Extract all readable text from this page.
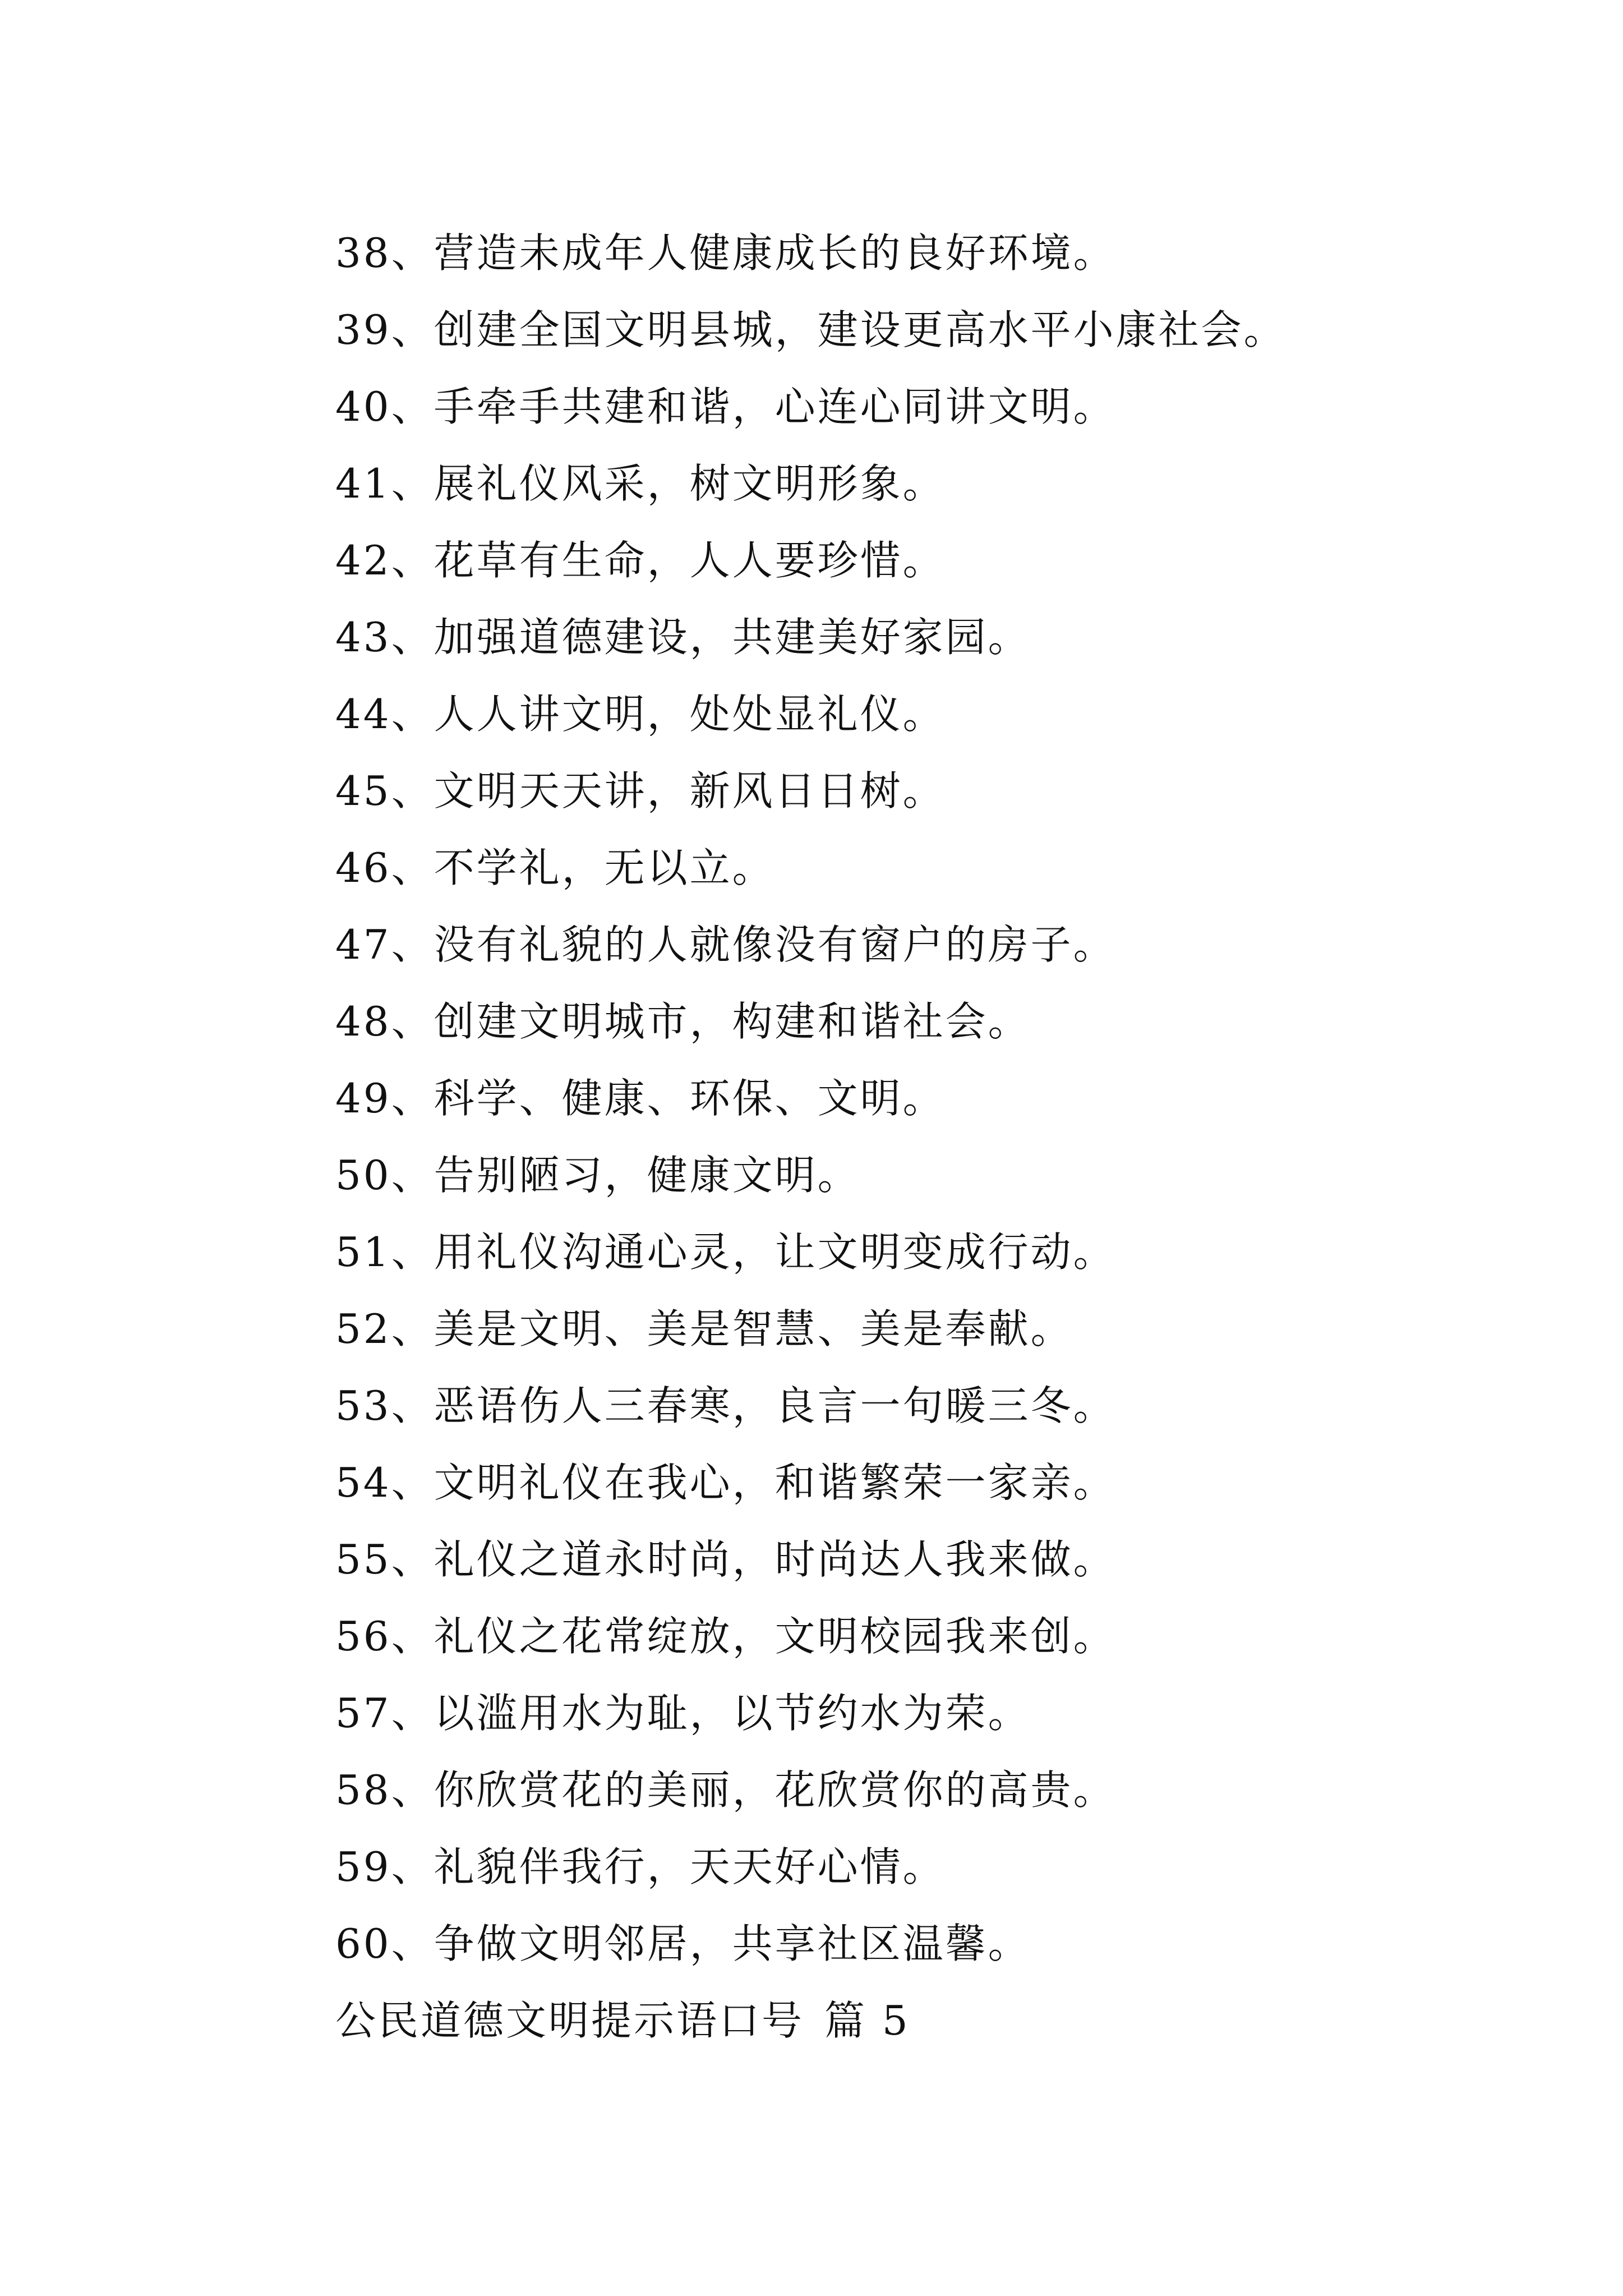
38、营造未成年人健康成长的良好环境。
39、创建全国文明县城，建设更高水平小康社会。
40、手牵手共建和谐，心连心同讲文明。
41、展礼仪风采，树文明形象。
42、花草有生命，人人要珍惜。
43、加强道德建设，共建美好家园。
44、人人讲文明，处处显礼仪。
45、文明天天讲，新风日日树。
46、不学礼，无以立。
47、没有礼貌的人就像没有窗户的房子。
48、创建文明城市，构建和谐社会。
49、科学、健康、环保、文明。
50、告别陋习，健康文明。
51、用礼仪沟通心灵，让文明变成行动。
52、美是文明、美是智慧、美是奉献。
53、恶语伤人三春寒，良言一句暖三冬。
54、文明礼仪在我心，和谐繁荣一家亲。
55、礼仪之道永时尚，时尚达人我来做。
56、礼仪之花常绽放，文明校园我来创。
57、以滥用水为耻，以节约水为荣。
58、你欣赏花的美丽，花欣赏你的高贵。
59、礼貌伴我行，天天好心情。
60、争做文明邻居，共享社区温馨。
公民道德文明提示语口号 篇 5
